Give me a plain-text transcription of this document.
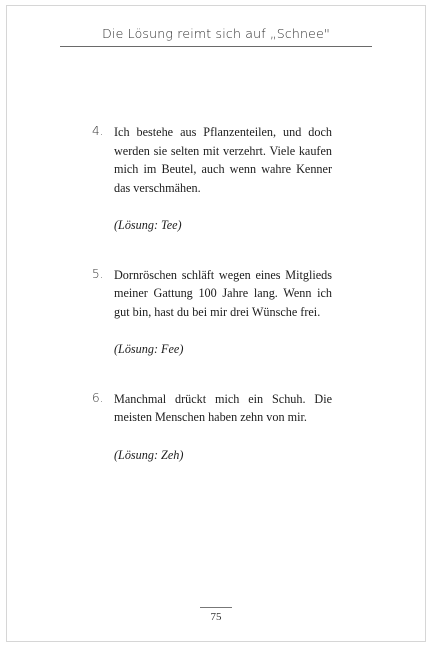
Die Lösung reimt sich auf „Schnee"
4. Ich bestehe aus Pflanzenteilen, und doch werden sie selten mit verzehrt. Viele kaufen mich im Beutel, auch wenn wahre Kenner das verschmähen.

(Lösung: Tee)

5. Dornröschen schläft wegen eines Mitglieds meiner Gattung 100 Jahre lang. Wenn ich gut bin, hast du bei mir drei Wünsche frei.

(Lösung: Fee)

6. Manchmal drückt mich ein Schuh. Die meisten Menschen haben zehn von mir.

(Lösung: Zeh)

75
